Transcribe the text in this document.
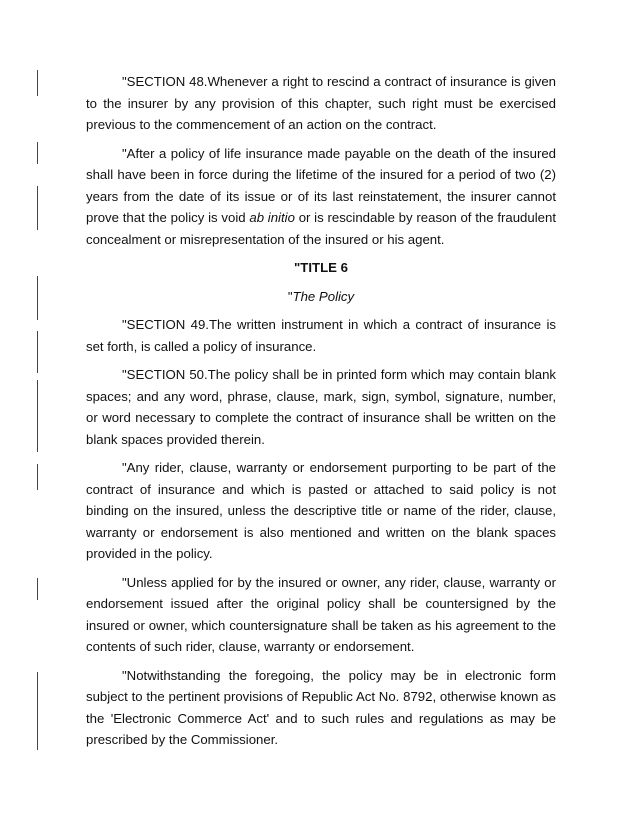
"SECTION 48.Whenever a right to rescind a contract of insurance is given to the insurer by any provision of this chapter, such right must be exercised previous to the commencement of an action on the contract.

"After a policy of life insurance made payable on the death of the insured shall have been in force during the lifetime of the insured for a period of two (2) years from the date of its issue or of its last reinstatement, the insurer cannot prove that the policy is void ab initio or is rescindable by reason of the fraudulent concealment or misrepresentation of the insured or his agent.

"TITLE 6

"The Policy

"SECTION 49.The written instrument in which a contract of insurance is set forth, is called a policy of insurance.

"SECTION 50.The policy shall be in printed form which may contain blank spaces; and any word, phrase, clause, mark, sign, symbol, signature, number, or word necessary to complete the contract of insurance shall be written on the blank spaces provided therein.

"Any rider, clause, warranty or endorsement purporting to be part of the contract of insurance and which is pasted or attached to said policy is not binding on the insured, unless the descriptive title or name of the rider, clause, warranty or endorsement is also mentioned and written on the blank spaces provided in the policy.

"Unless applied for by the insured or owner, any rider, clause, warranty or endorsement issued after the original policy shall be countersigned by the insured or owner, which countersignature shall be taken as his agreement to the contents of such rider, clause, warranty or endorsement.

"Notwithstanding the foregoing, the policy may be in electronic form subject to the pertinent provisions of Republic Act No. 8792, otherwise known as the 'Electronic Commerce Act' and to such rules and regulations as may be prescribed by the Commissioner.
